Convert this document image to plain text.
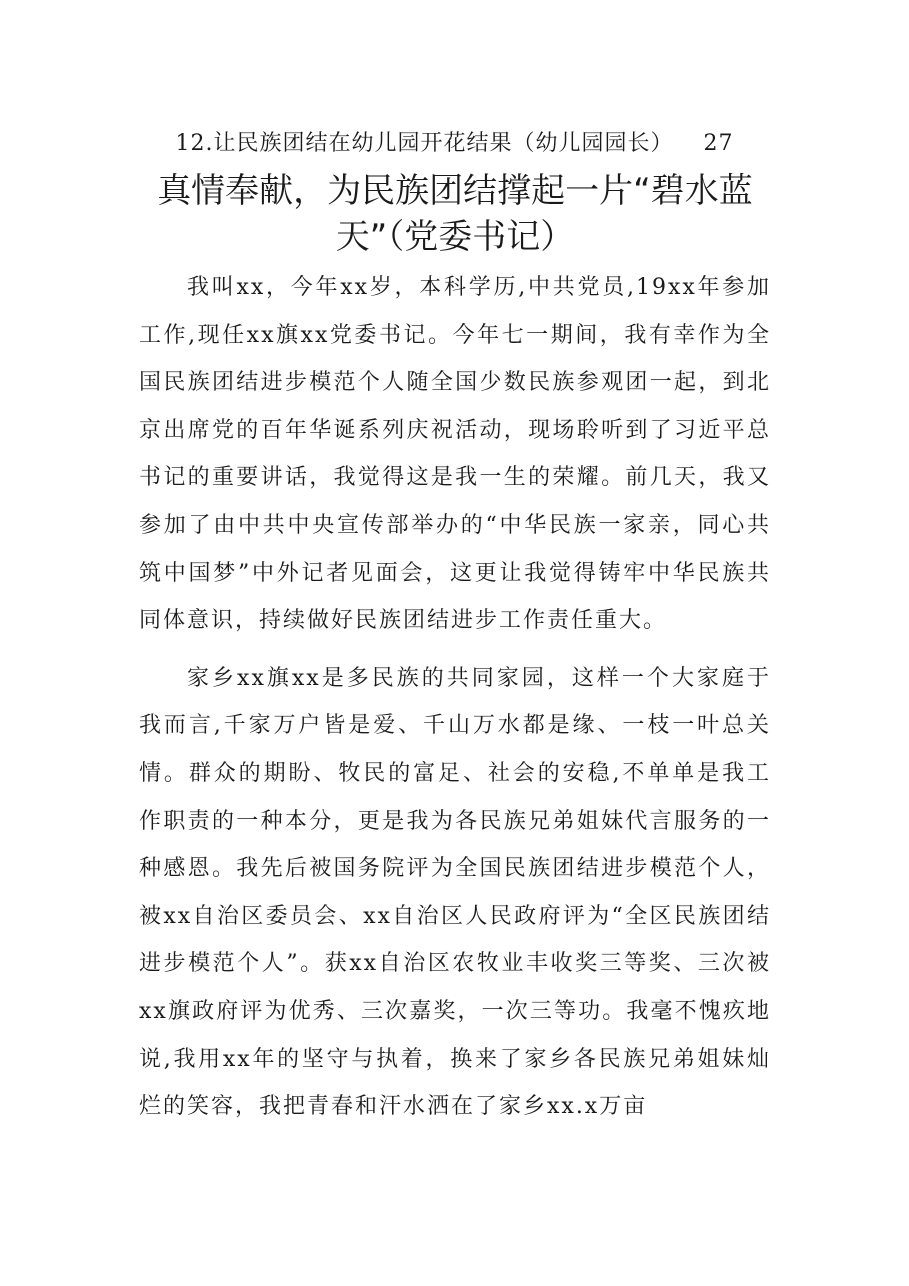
12.让民族团结在幼儿园开花结果（幼儿园园长） 27
真情奉献，为民族团结撑起一片“碧水蓝天”（党委书记）

我叫xx，今年xx岁，本科学历,中共党员,19xx年参加工作,现任xx旗xx党委书记。今年七一期间，我有幸作为全国民族团结进步模范个人随全国少数民族参观团一起，到北京出席党的百年华诞系列庆祝活动，现场聆听到了习近平总书记的重要讲话，我觉得这是我一生的荣耀。前几天，我又参加了由中共中央宣传部举办的“中华民族一家亲，同心共筑中国梦”中外记者见面会，这更让我觉得铸牢中华民族共同体意识，持续做好民族团结进步工作责任重大。

家乡xx旗xx是多民族的共同家园，这样一个大家庭于我而言,千家万户皆是爱、千山万水都是缘、一枝一叶总关情。群众的期盼、牧民的富足、社会的安稳,不单单是我工作职责的一种本分，更是我为各民族兄弟姐妹代言服务的一种感恩。我先后被国务院评为全国民族团结进步模范个人，被xx自治区委员会、xx自治区人民政府评为“全区民族团结进步模范个人”。获xx自治区农牧业丰收奖三等奖、三次被xx旗政府评为优秀、三次嘉奖，一次三等功。我毫不愧疚地说,我用xx年的坚守与执着，换来了家乡各民族兄弟姐妹灿烂的笑容，我把青春和汗水洒在了家乡xx.x万亩
